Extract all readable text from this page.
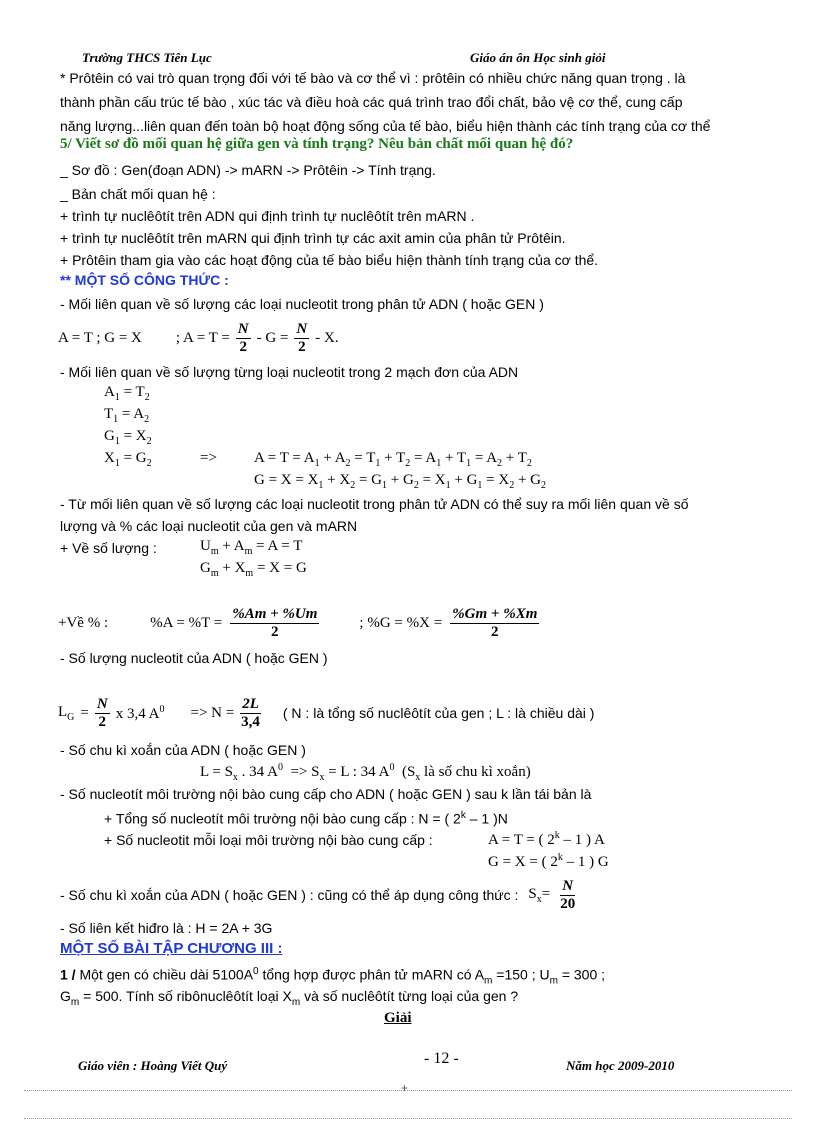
Trường THCS Tiên Lục	Giáo án ôn Học sinh giỏi
* Prôtêin có vai trò quan trọng đối với tế bào và cơ thể vì : prôtêin có nhiều chức năng quan trọng . là
thành phần cấu trúc tế bào , xúc tác và điều hoà các quá trình trao đổi chất, bảo vệ cơ thể, cung cấp
năng lượng...liên quan đến toàn bộ hoạt động sống của tế bào, biểu hiện thành các tính trạng của cơ thể
5/ Viết sơ đồ mối quan hệ giữa gen và tính trạng? Nêu bản chất mối quan hệ đó?
_ Sơ đồ : Gen(đoạn ADN) -> mARN -> Prôtêin -> Tính trạng.
_ Bản chất mối quan hệ :
+ trình tự nuclêôtít trên ADN qui định trình tự nuclêôtít trên mARN .
+ trình tự nuclêôtít trên mARN qui định trình tự các axit amin của phân tử Prôtêin.
+ Prôtêin tham gia vào các hoạt động của tế bào biểu hiện thành tính trạng của cơ thể.
** MỘT SỐ CÔNG THỨC :
- Mối liên quan về số lượng các loại nucleotit trong phân tử ADN ( hoặc GEN )
A = T ; G = X ; $A = T = \frac{N}{2} - G = \frac{N}{2} - X$.
- Mối liên quan về số lượng từng loại nucleotit trong 2 mạch đơn của ADN
$A_1 = T_2$
$T_1 = A_2$
$G_1 = X_2$
$X_1 = G_2$	=> $A = T = A_1 + A_2 = T_1 + T_2 = A_1 + T_1 = A_2 + T_2$
$G = X = X_1 + X_2 = G_1 + G_2 = X_1 + G_1 = X_2 + G_2$
- Từ mối liên quan về số lượng các loại nucleotit trong phân tử ADN có thể suy ra mối liên quan về số
lượng và % các loại nucleotit của gen và mARN
+ Về số lượng :	$U_m + A_m = A = T$
$G_m + X_m = X = G$
+Về % :	$\%A = \%T = \frac{\%Am + \%Um}{2}$	; $\%G = \%X = \frac{\%Gm + \%Xm}{2}$
- Số lượng nucleotit của ADN ( hoặc GEN )
$L_G = \frac{N}{2}$ x 3,4 $A^0 => N = \frac{2L}{3,4}$ ( N : là tổng số nuclêôtít của gen ; L : là chiều dài )
- Số chu kì xoắn của ADN ( hoặc GEN )
$L = S_x$ . 34 $A^0 => S_x = L$ : 34 $A^0$  ($S_x$ là số chu kì xoắn)
- Số nucleotít môi trường nội bào cung cấp cho ADN ( hoặc GEN ) sau k lần tái bản là
+ Tổng số nucleotít môi trường nội bào cung cấp : N = ( 2$^k$ – 1 )N
+ Số nucleotit mỗi loại môi trường nội bào cung cấp :	A = T = ( 2$^k$ – 1 ) A
G = X = ( 2$^k$ – 1 ) G
- Số chu kì xoắn của ADN ( hoặc GEN ) : cũng có thể áp dụng công thức : $S_x= \frac{N}{20}$
- Số liên kết hiđro là : H = 2A + 3G
MỘT SỐ BÀI TẬP CHƯƠNG III :
1 / Một gen có chiều dài $5100A^0$ tổng hợp được phân tử mARN có $A_m =150$ ; $U_m = 300$ ;
$G_m = 500$. Tính số ribônuclêôtít loại $X_m$ và số nuclêôtít từng loại của gen ?
Giải
Giáo viên : Hoàng Viết Quý	- 12 -	Năm học 2009-2010
+
